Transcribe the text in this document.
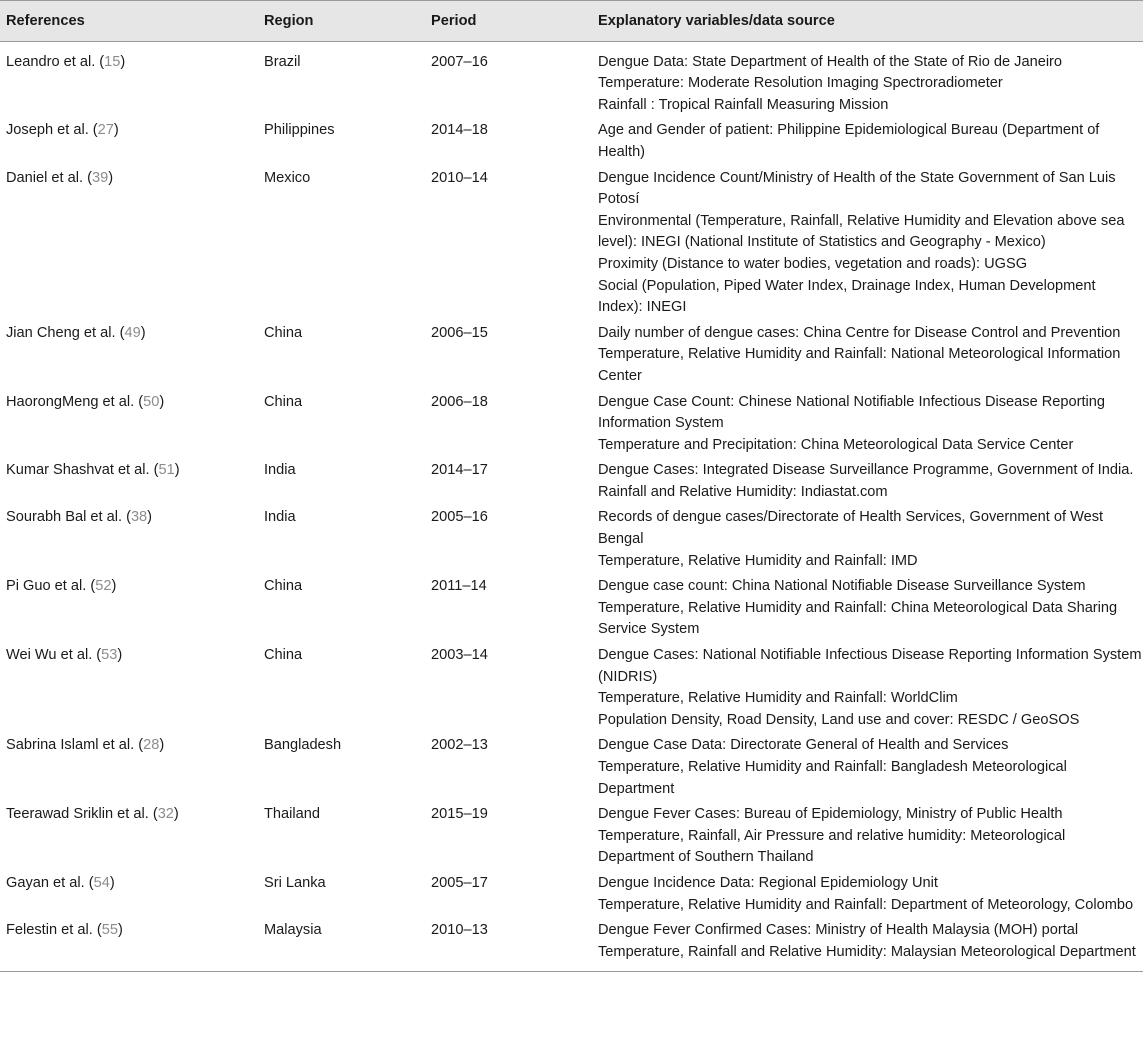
References	Region	Period	Explanatory variables/data source
Leandro et al. (15)	Brazil	2007–16	Dengue Data: State Department of Health of the State of Rio de Janeiro
Temperature: Moderate Resolution Imaging Spectroradiometer
Rainfall : Tropical Rainfall Measuring Mission

Joseph et al. (27)	Philippines	2014–18	Age and Gender of patient: Philippine Epidemiological Bureau (Department of Health)

Daniel et al. (39)	Mexico	2010–14	Dengue Incidence Count/Ministry of Health of the State Government of San Luis Potosí
Environmental (Temperature, Rainfall, Relative Humidity and Elevation above sea level): INEGI (National Institute of Statistics and Geography - Mexico)
Proximity (Distance to water bodies, vegetation and roads): UGSG
Social (Population, Piped Water Index, Drainage Index, Human Development Index): INEGI

Jian Cheng et al. (49)	China	2006–15	Daily number of dengue cases: China Centre for Disease Control and Prevention
Temperature, Relative Humidity and Rainfall: National Meteorological Information Center

HaorongMeng et al. (50)	China	2006–18	Dengue Case Count: Chinese National Notifiable Infectious Disease Reporting Information System
Temperature and Precipitation: China Meteorological Data Service Center

Kumar Shashvat et al. (51)	India	2014–17	Dengue Cases: Integrated Disease Surveillance Programme, Government of India.
Rainfall and Relative Humidity: Indiastat.com

Sourabh Bal et al. (38)	India	2005–16	Records of dengue cases/Directorate of Health Services, Government of West Bengal
Temperature, Relative Humidity and Rainfall: IMD

Pi Guo et al. (52)	China	2011–14	Dengue case count: China National Notifiable Disease Surveillance System
Temperature, Relative Humidity and Rainfall: China Meteorological Data Sharing Service System

Wei Wu et al. (53)	China	2003–14	Dengue Cases: National Notifiable Infectious Disease Reporting Information System (NIDRIS)
Temperature, Relative Humidity and Rainfall: WorldClim
Population Density, Road Density, Land use and cover: RESDC / GeoSOS

Sabrina Islaml et al. (28)	Bangladesh	2002–13	Dengue Case Data: Directorate General of Health and Services
Temperature, Relative Humidity and Rainfall: Bangladesh Meteorological Department

Teerawad Sriklin et al. (32)	Thailand	2015–19	Dengue Fever Cases: Bureau of Epidemiology, Ministry of Public Health
Temperature, Rainfall, Air Pressure and relative humidity: Meteorological Department of Southern Thailand

Gayan et al. (54)	Sri Lanka	2005–17	Dengue Incidence Data: Regional Epidemiology Unit
Temperature, Relative Humidity and Rainfall: Department of Meteorology, Colombo

Felestin et al. (55)	Malaysia	2010–13	Dengue Fever Confirmed Cases: Ministry of Health Malaysia (MOH) portal
Temperature, Rainfall and Relative Humidity: Malaysian Meteorological Department
